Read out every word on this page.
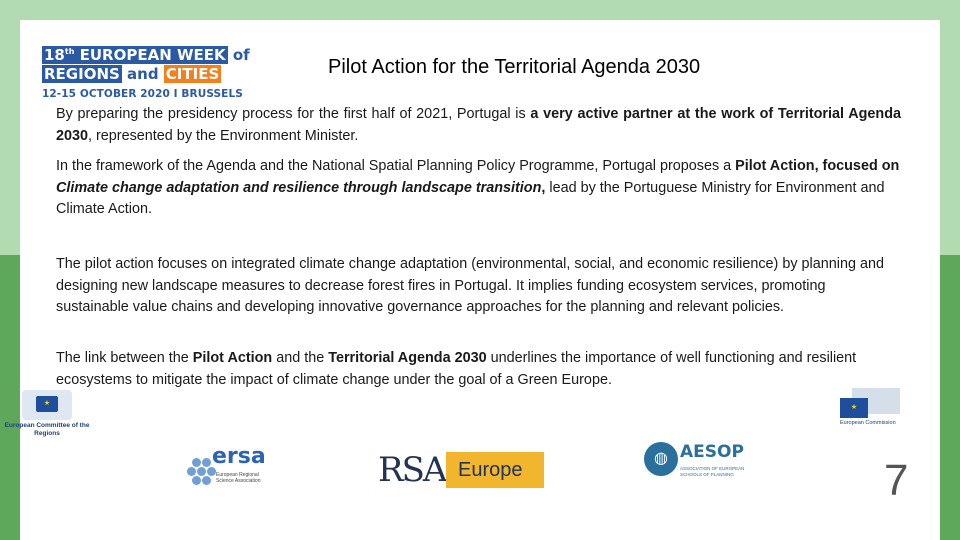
18th EUROPEAN WEEK of
REGIONS and CITIES
12-15 OCTOBER 2020 I BRUSSELS
Pilot Action for the Territorial Agenda 2030

By preparing the presidency process for the first half of 2021, Portugal is a very active partner at the work of Territorial Agenda 2030, represented by the Environment Minister.

In the framework of the Agenda and the National Spatial Planning Policy Programme, Portugal proposes a Pilot Action, focused on Climate change adaptation and resilience through landscape transition, lead by the Portuguese Ministry for Environment and Climate Action.

The pilot action focuses on integrated climate change adaptation (environmental, social, and economic resilience) by planning and designing new landscape measures to decrease forest fires in Portugal. It implies funding ecosystem services, promoting sustainable value chains and developing innovative governance approaches for the planning and relevant policies.

The link between the Pilot Action and the Territorial Agenda 2030 underlines the importance of well functioning and resilient ecosystems to mitigate the impact of climate change under the goal of a Green Europe.

★
European Committee of the Regions
ersa
European Regional Science Association	RSA Europe
◍ AESOP
ASSOCIATION OF EUROPEAN SCHOOLS OF PLANNING
★
European Commission
7
